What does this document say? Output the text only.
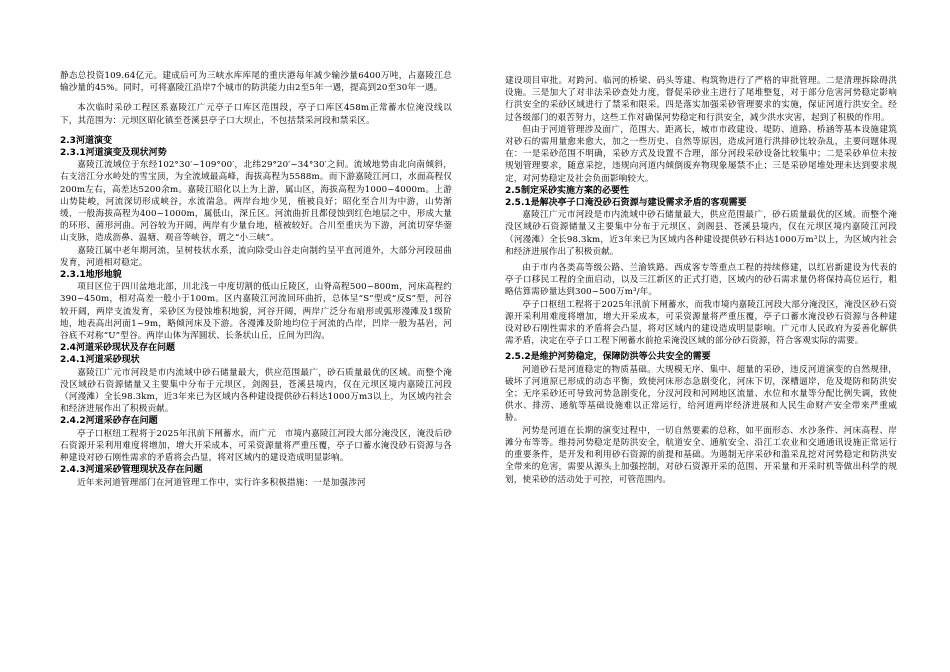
静态总投资109.64亿元。建成后可为三峡水库库尾的重庆港每年减少输沙量6400万吨，占嘉陵江总输沙量的45%。同时，可将嘉陵江沿岸7个城市的防洪能力由2至5年一遇，提高到20至30年一遇。

本次临时采砂工程区系嘉陵江广元亭子口库区范围段，亭子口库区458m正常蓄水位淹没线以下，其范围为：元坝区昭化镇至苍溪县亭子口大坝止，不包括禁采河段和禁采区。

2.3河道演变
2.3.1河道演变及现状河势

嘉陵江流域位于东经102°30′~109°00′，北纬29°20′~34°30′之间。流域地势由北向南倾斜，右支涪江分水岭处的雪宝顶，为全流域最高峰，海拔高程为5588m。而下游嘉陵江河口，水面高程仅200m左右，高差达5200余m。嘉陵江昭化以上为上游，属山区，海拔高程为1000~4000m。上游山势陡峻，河流深切形成峡谷，水流湍急。两岸台地少见，植被良好；昭化至合川为中游，山势渐缓，一般海拔高程为400~1000m，属低山，深丘区。河流曲折且都侵蚀到红色地层之中，形成大量的环形、菌形河曲。河谷较为开阔，两岸有少量台地，植被较好。合川至重庆为下游，河流切穿华蓥山支脉，造成沥鼻、温塘、观音等峡谷，谓之“小三峡”。

嘉陵江属中老年期河流，呈树枝状水系，流向除受山谷走向制约呈平直河道外，大部分河段屈曲发育，河道相对稳定。

2.3.1地形地貌

项目区位于四川盆地北部，川北浅－中度切割的低山丘陵区，山脊高程500~800m，河床高程约390~450m，相对高差一般小于100m。区内嘉陵江河流回环曲折，总体呈“S”型或“反S”型，河谷较开阔，两岸支流发育，采砂区为侵蚀堆积地貌，河谷开阔，两岸广泛分布扇形或弧形漫滩及1级阶地，地表高出河面1~9m，略倾河床及下游。各漫滩及阶地均位于河流的凸岸，凹岸一般为基岩，河谷底不对称“U”型谷。两岸山体为浑圆状、长条状山丘，丘间为凹沟。

2.4河道采砂现状及存在问题
2.4.1河道采砂现状

嘉陵江广元市河段是市内流域中砂石储量最大，供应范围最广，砂石质量最优的区域。而整个淹没区域砂石资源储量又主要集中分布于元坝区，剑阁县，苍溪县境内，仅在元坝区境内嘉陵江河段（河漫滩）全长98.3km，近3年来已为区域内各种建设提供砂石料达1000万m3以上，为区域内社会和经济进展作出了积极贡献。

2.4.2河道采砂存在问题

亭子口枢纽工程将于2025年汛前下闸蓄水，而广元　市境内嘉陵江河段大部分淹没区，淹没后砂石资源开采利用难度将增加，增大开采成本，可采资源量将严重压覆，亭子口蓄水淹没砂石资源与各种建设对砂石刚性需求的矛盾将会凸显，将对区域内的建设造成明显影响。

2.4.3河道采砂管理现状及存在问题

近年来河道管理部门在河道管理工作中，实行许多积极措施：一是加强涉河

建设项目审批。对跨河、临河的桥梁、码头等建、构筑物进行了严格的审批管理。二是清理拆除碍洪设施。三是加大了对非法采砂查处力度，督促采砂业主进行了尾堆整复，对于部分危害河势稳定影响行洪安全的采砂区域进行了禁采和限采。四是落实加强采砂管理要求的实施，保证河道行洪安全。经过各级部门的艰苦努力，这些工作对确保河势稳定和行洪安全，减少洪水灾害，起到了积极的作用。

但由于河道管理涉及面广，范围大、距离长，城市市政建设、堤防、道路、桥涵等基本设施建筑对砂石的需用量愈来愈大，加之一些历史、自然等原因，造成河道行洪排砂比较杂乱，主要问题体现在：一是采砂范围不明确，采砂方式及设置不合理，部分河段采砂设备比较集中；二是采砂单位未按规划管理要求，随意采挖，违规向河道内倾倒废弃物现象屡禁不止；三是采砂尾堆处理未达到要求规定，对河势稳定及社会负面影响较大。

2.5制定采砂实施方案的必要性
2.5.1是解决亭子口淹没砂石资源与建设需求矛盾的客观需要

嘉陵江广元市河段是市内流域中砂石储量最大，供应范围最广，砂石质量最优的区域。而整个淹没区域砂石资源储量又主要集中分布于元坝区、剑阁县、苍溪县境内，仅在元坝区境内嘉陵江河段（河漫滩）全长98.3km，近3年来已为区域内各种建设提供砂石料达1000万m³以上，为区域内社会和经济进展作出了积极贡献。

由于市内各类高等级公路、兰渝铁路、西成客专等重点工程的持续修建，以红岩新建设为代表的亭子口移民工程的全面启动，以及三江新区的正式打造，区域内的砂石需求量仍将保持高位运行，粗略估算需砂量达到300~500万m³/年。

亭子口枢纽工程将于2025年汛前下闸蓄水，而我市境内嘉陵江河段大部分淹没区，淹没区砂石资源开采利用难度将增加，增大开采成本，可采资源量将严重压覆，亭子口蓄水淹没砂石资源与各种建设对砂石刚性需求的矛盾将会凸显，将对区域内的建设造成明显影响。广元市人民政府为妥善化解供需矛盾，决定在亭子口工程下闸蓄水前抢采淹没区域的部分砂石资源，符合客观实际的需要。

2.5.2是维护河势稳定，保障防洪等公共安全的需要

河道砂石是河道稳定的物质基础。大规模无序、集中、超量的采砂，违反河道演变的自然规律，破坏了河道原已形成的动态平衡，致使河床形态急剧变化，河床下切，深槽逼岸，危及堤防和防洪安全；无序采砂还可导致河势急剧变化，分汊河段和河网地区流量、水位和水量等分配比例失调，致使供水、排涝、通航等基础设施难以正常运行，给河道两岸经济进展和人民生命财产安全带来严重威胁。

河势是河道在长期的演变过程中，一切自然要素的总称，如平面形态、水沙条件、河床高程、岸滩分布等等。维持河势稳定是防洪安全，航道安全、通航安全、沿江工农业和交通通讯设施正常运行的重要条件，是开发和利用砂石资源的前提和基础。为遏制无序采砂和滥采乱挖对河势稳定和防洪安全带来的危害，需要从源头上加强控制，对砂石资源开采的范围、开采量和开采时机等做出科学的规划，使采砂的活动处于可控，可管范围内。
